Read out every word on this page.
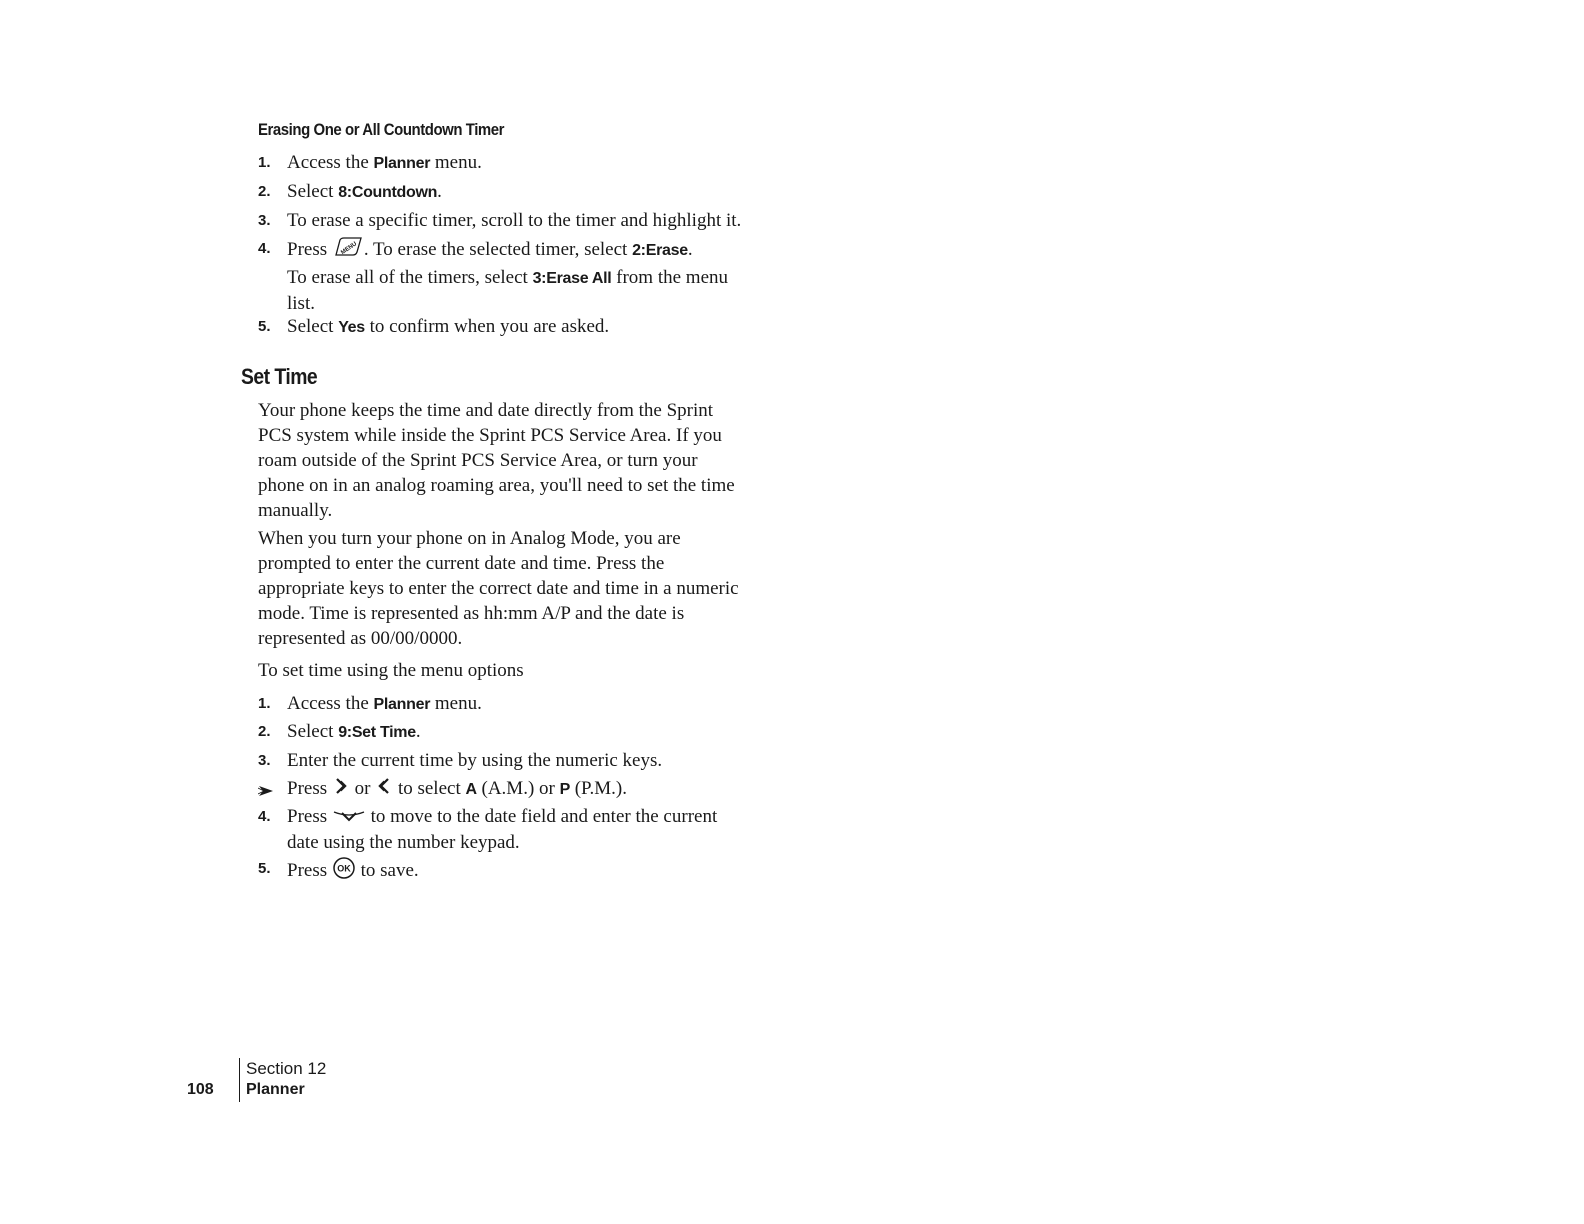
Erasing One or All Countdown Timer
1. Access the Planner menu.
2. Select 8:Countdown.
3. To erase a specific timer, scroll to the timer and highlight it.
4. Press MENU . To erase the selected timer, select 2:Erase.
To erase all of the timers, select 3:Erase All from the menu list.
5. Select Yes to confirm when you are asked.
Set Time

Your phone keeps the time and date directly from the Sprint PCS system while inside the Sprint PCS Service Area. If you roam outside of the Sprint PCS Service Area, or turn your phone on in an analog roaming area, you'll need to set the time manually.

When you turn your phone on in Analog Mode, you are prompted to enter the current date and time. Press the appropriate keys to enter the correct date and time in a numeric mode. Time is represented as hh:mm A/P and the date is represented as 00/00/0000.

To set time using the menu options

1. Access the Planner menu.
2. Select 9:Set Time.
3. Enter the current time by using the numeric keys.
Press  or  to select A (A.M.) or P (P.M.).
4. Press  to move to the date field and enter the current date using the number keypad.
5. Press OK to save.
108
Section 12
Planner
